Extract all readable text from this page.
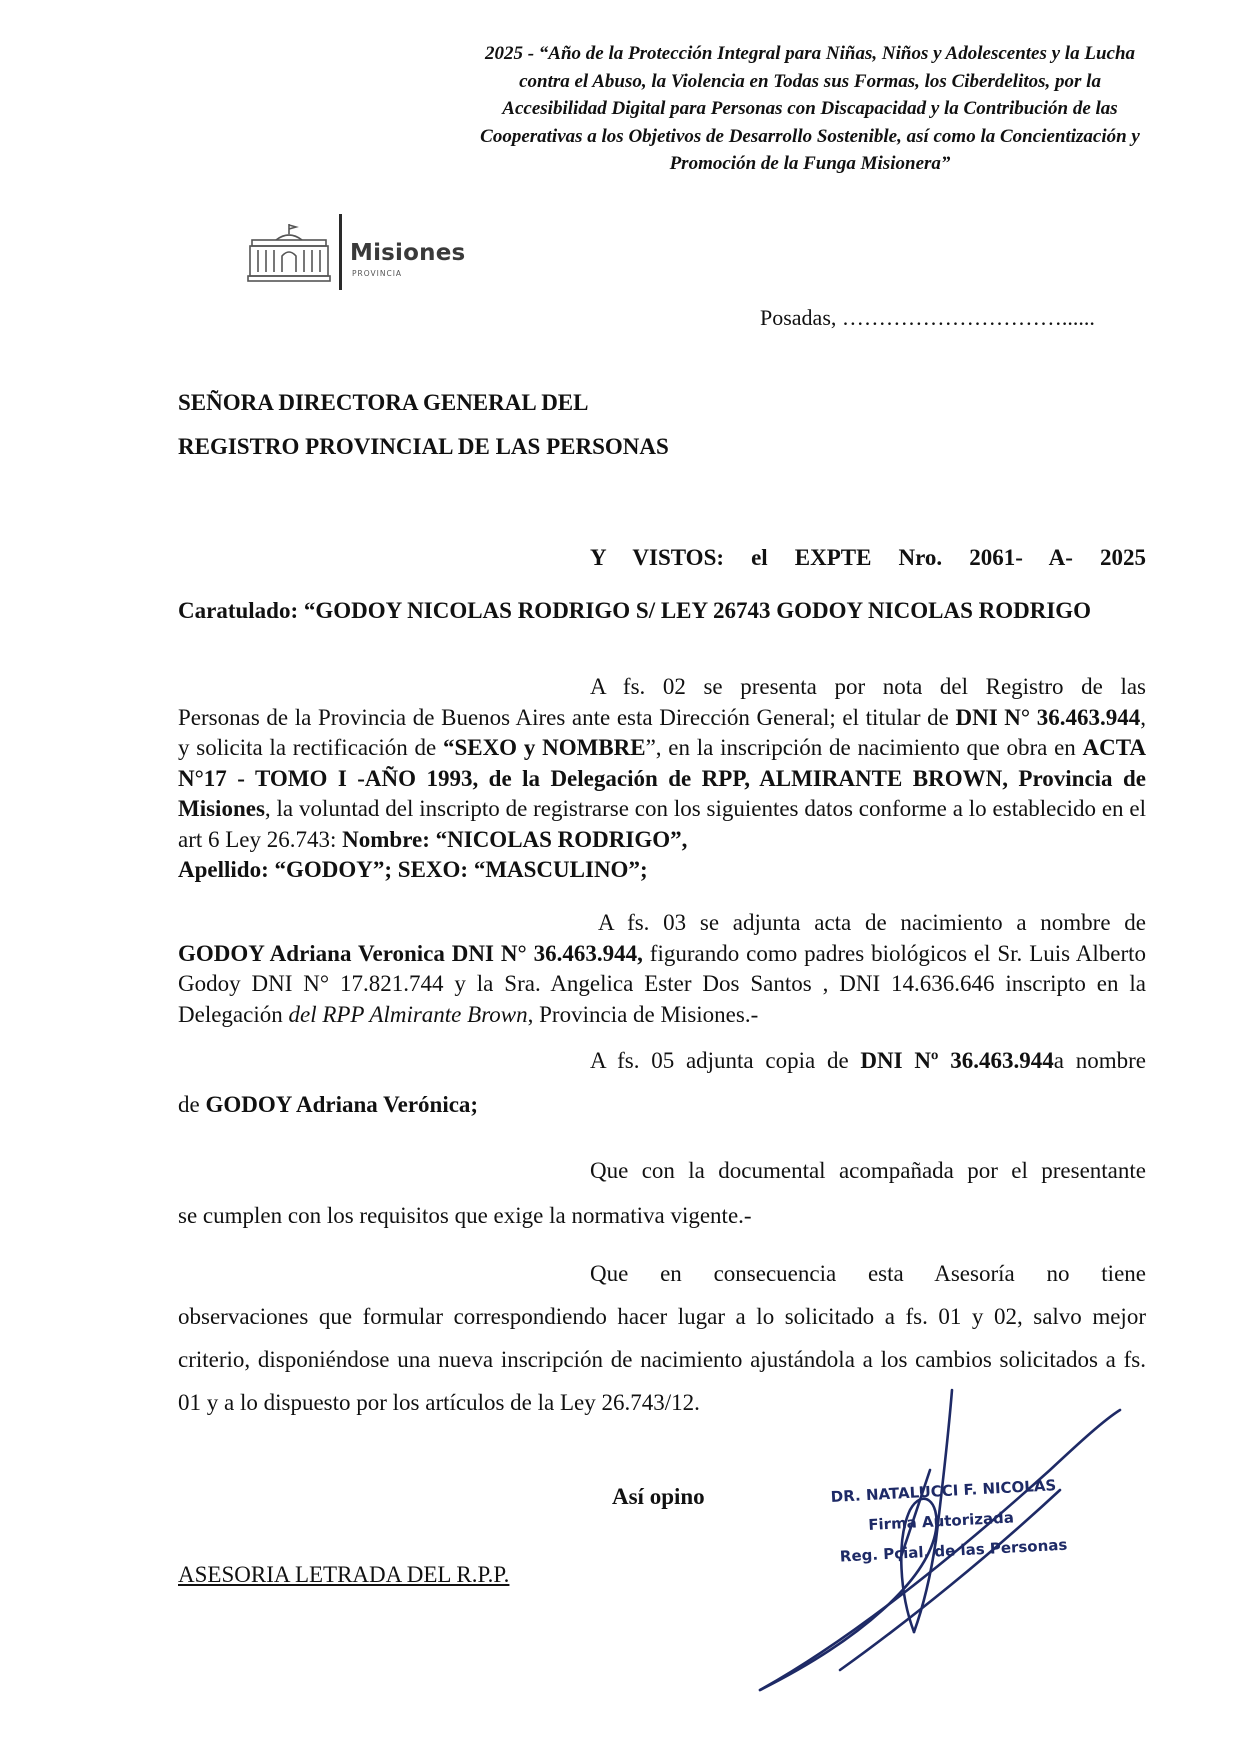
2025 - “Año de la Protección Integral para Niñas, Niños y Adolescentes y la Lucha
contra el Abuso, la Violencia en Todas sus Formas, los Ciberdelitos, por la
Accesibilidad Digital para Personas con Discapacidad y la Contribución de las
Cooperativas a los Objetivos de Desarrollo Sostenible, así como la Concientización y
Promoción de la Funga Misionera”
Misiones
PROVINCIA
Posadas, …………………………......
SEÑORA DIRECTORA GENERAL DEL
REGISTRO PROVINCIAL DE LAS PERSONAS
Y VISTOS: el EXPTE Nro. 2061- A- 2025
Caratulado: “GODOY NICOLAS RODRIGO S/ LEY 26743 GODOY NICOLAS RODRIGO
A fs. 02 se presenta por nota del Registro de las
Personas de la Provincia de Buenos Aires ante esta Dirección General; el titular de DNI N° 36.463.944, y solicita la rectificación de “SEXO y NOMBRE”, en la inscripción de nacimiento que obra en ACTA N°17 - TOMO I -AÑO 1993, de la Delegación de RPP, ALMIRANTE BROWN, Provincia de Misiones, la voluntad del inscripto de registrarse con los siguientes datos conforme a lo establecido en el art 6 Ley 26.743: Nombre: “NICOLAS RODRIGO”,
Apellido: “GODOY”; SEXO: “MASCULINO”;
A fs. 03 se adjunta acta de nacimiento a nombre de
GODOY Adriana Veronica DNI N° 36.463.944, figurando como padres biológicos el Sr. Luis Alberto Godoy DNI N° 17.821.744 y la Sra. Angelica Ester Dos Santos , DNI 14.636.646 inscripto en la Delegación del RPP Almirante Brown, Provincia de Misiones.-
A fs. 05 adjunta copia de DNI Nº 36.463.944a nombre
de GODOY Adriana Verónica;
Que con la documental acompañada por el presentante
se cumplen con los requisitos que exige la normativa vigente.-
Que en consecuencia esta Asesoría no tiene
observaciones que formular correspondiendo hacer lugar a lo solicitado a fs. 01 y 02, salvo mejor criterio, disponiéndose una nueva inscripción de nacimiento ajustándola a los cambios solicitados a fs. 01 y a lo dispuesto por los artículos de la Ley 26.743/12.
Así opino
ASESORIA LETRADA DEL R.P.P.
DR. NATALUCCI F. NICOLAS
Firma Autorizada
Reg. Pcial. de las Personas
